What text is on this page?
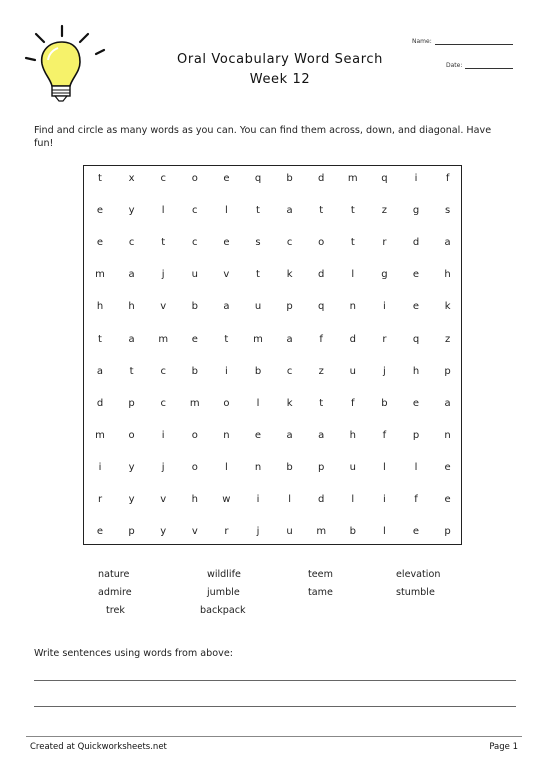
Oral Vocabulary Word Search
Week 12
Name:
Date:
Find and circle as many words as you can. You can find them across, down, and diagonal. Have fun!
t	x	c	o	e	q	b	d	m	q	i	f
e	y	l	c	l	t	a	t	t	z	g	s
e	c	t	c	e	s	c	o	t	r	d	a
m	a	j	u	v	t	k	d	l	g	e	h
h	h	v	b	a	u	p	q	n	i	e	k
t	a	m	e	t	m	a	f	d	r	q	z
a	t	c	b	i	b	c	z	u	j	h	p
d	p	c	m	o	l	k	t	f	b	e	a
m	o	i	o	n	e	a	a	h	f	p	n
i	y	j	o	l	n	b	p	u	l	l	e
r	y	v	h	w	i	l	d	l	i	f	e
e	p	y	v	r	j	u	m	b	l	e	p
nature	wildlife	teem	elevation
admire	jumble	tame	stumble
trek	backpack
Write sentences using words from above:
Created at Quickworksheets.net	Page 1
